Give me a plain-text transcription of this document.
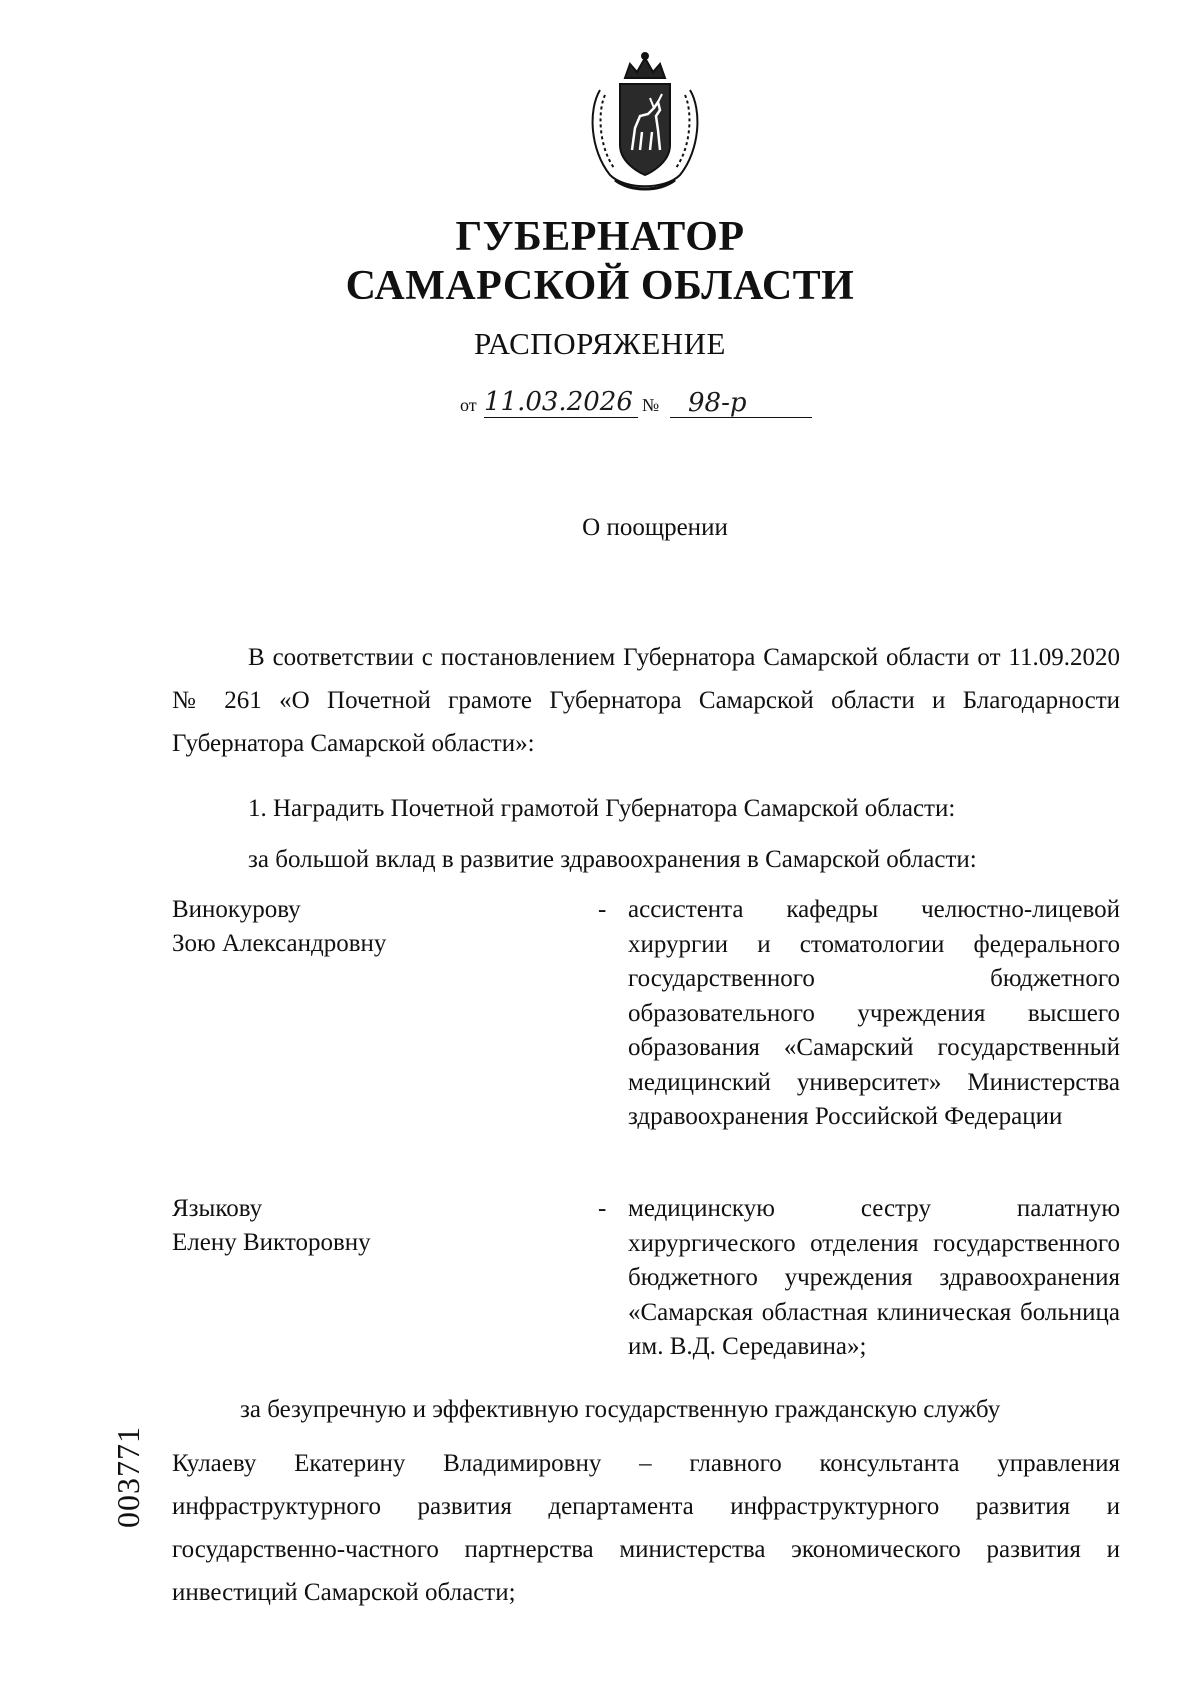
ГУБЕРНАТОР
САМАРСКОЙ ОБЛАСТИ
РАСПОРЯЖЕНИЕ
от 11.03.2026 №	98-р
О поощрении
В соответствии с постановлением Губернатора Самарской области от 11.09.2020 № 261 «О Почетной грамоте Губернатора Самарской области и Благодарности Губернатора Самарской области»:
1. Наградить Почетной грамотой Губернатора Самарской области:
за большой вклад в развитие здравоохранения в Самарской области:
Винокурову
Зою Александровну
- ассистента кафедры челюстно-лицевой хирургии и стоматологии федерального государственного бюджетного образовательного учреждения высшего образования «Самарский государственный медицинский университет» Министерства здравоохранения Российской Федерации
Языкову
Елену Викторовну
- медицинскую сестру палатную хирургического отделения государственного бюджетного учреждения здравоохранения «Самарская областная клиническая больница им. В.Д. Середавина»;
за безупречную и эффективную государственную гражданскую службу
Кулаеву Екатерину Владимировну – главного консультанта управления инфраструктурного развития департамента инфраструктурного развития и государственно-частного партнерства министерства экономического развития и инвестиций Самарской области;
003771
